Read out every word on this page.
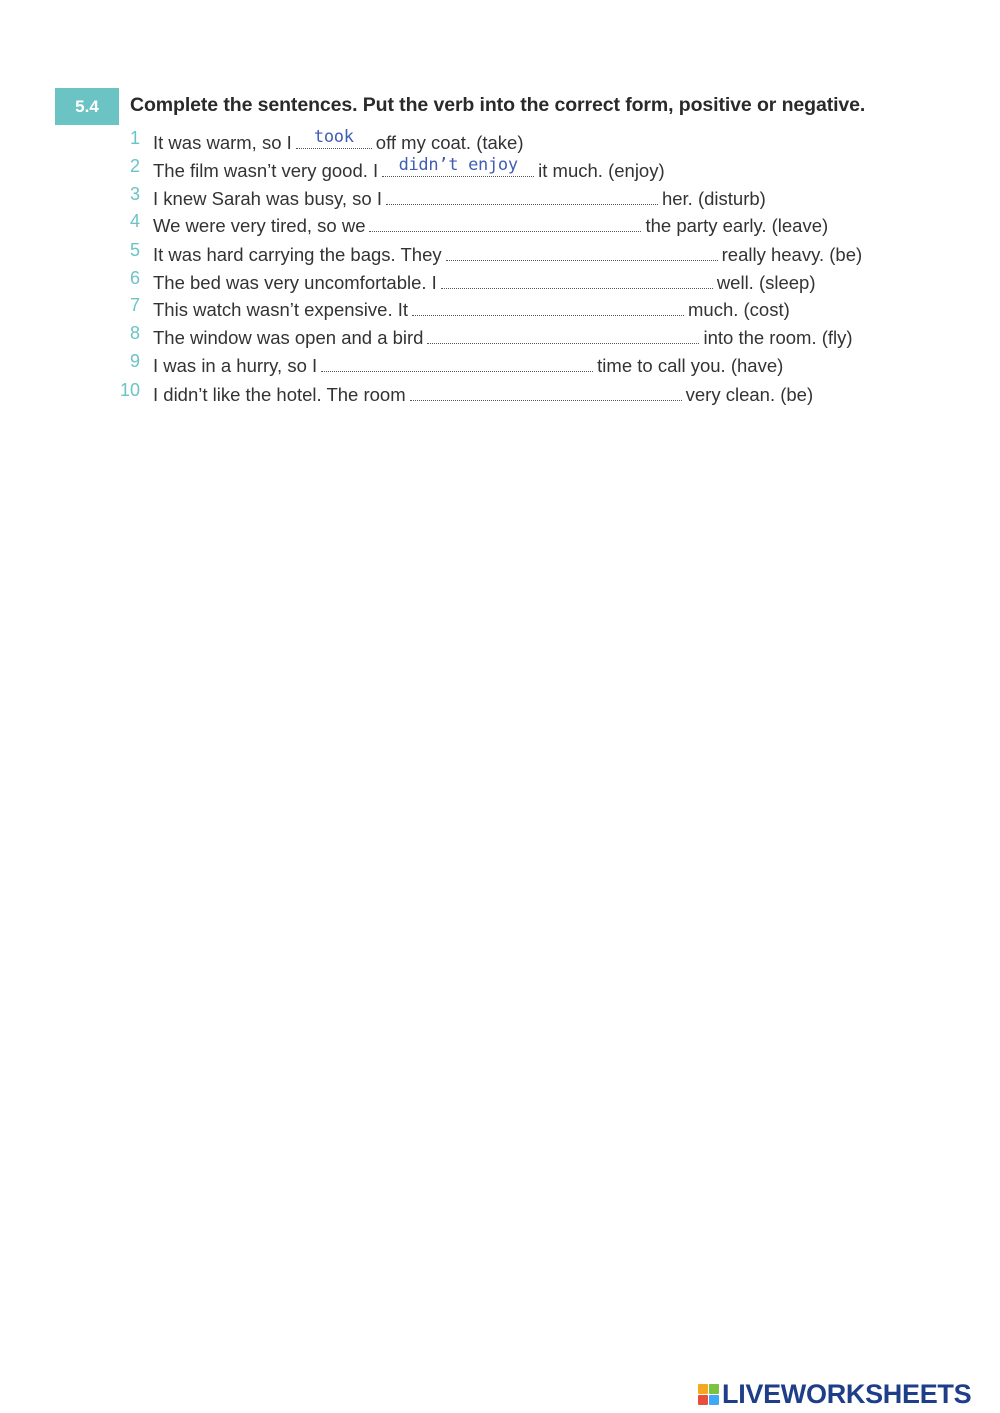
5.4	Complete the sentences. Put the verb into the correct form, positive or negative.
1 It was warm, so I	took	off my coat. (take)
2 The film wasn’t very good. I	didn’t enjoy	it much. (enjoy)
3 I knew Sarah was busy, so I	her. (disturb)
4 We were very tired, so we	the party early. (leave)
5 It was hard carrying the bags. They	really heavy. (be)
6 The bed was very uncomfortable. I	well. (sleep)
7 This watch wasn’t expensive. It	much. (cost)
8 The window was open and a bird	into the room. (fly)
9 I was in a hurry, so I	time to call you. (have)
10 I didn’t like the hotel. The room	very clean. (be)
LIVEWORKSHEETS
